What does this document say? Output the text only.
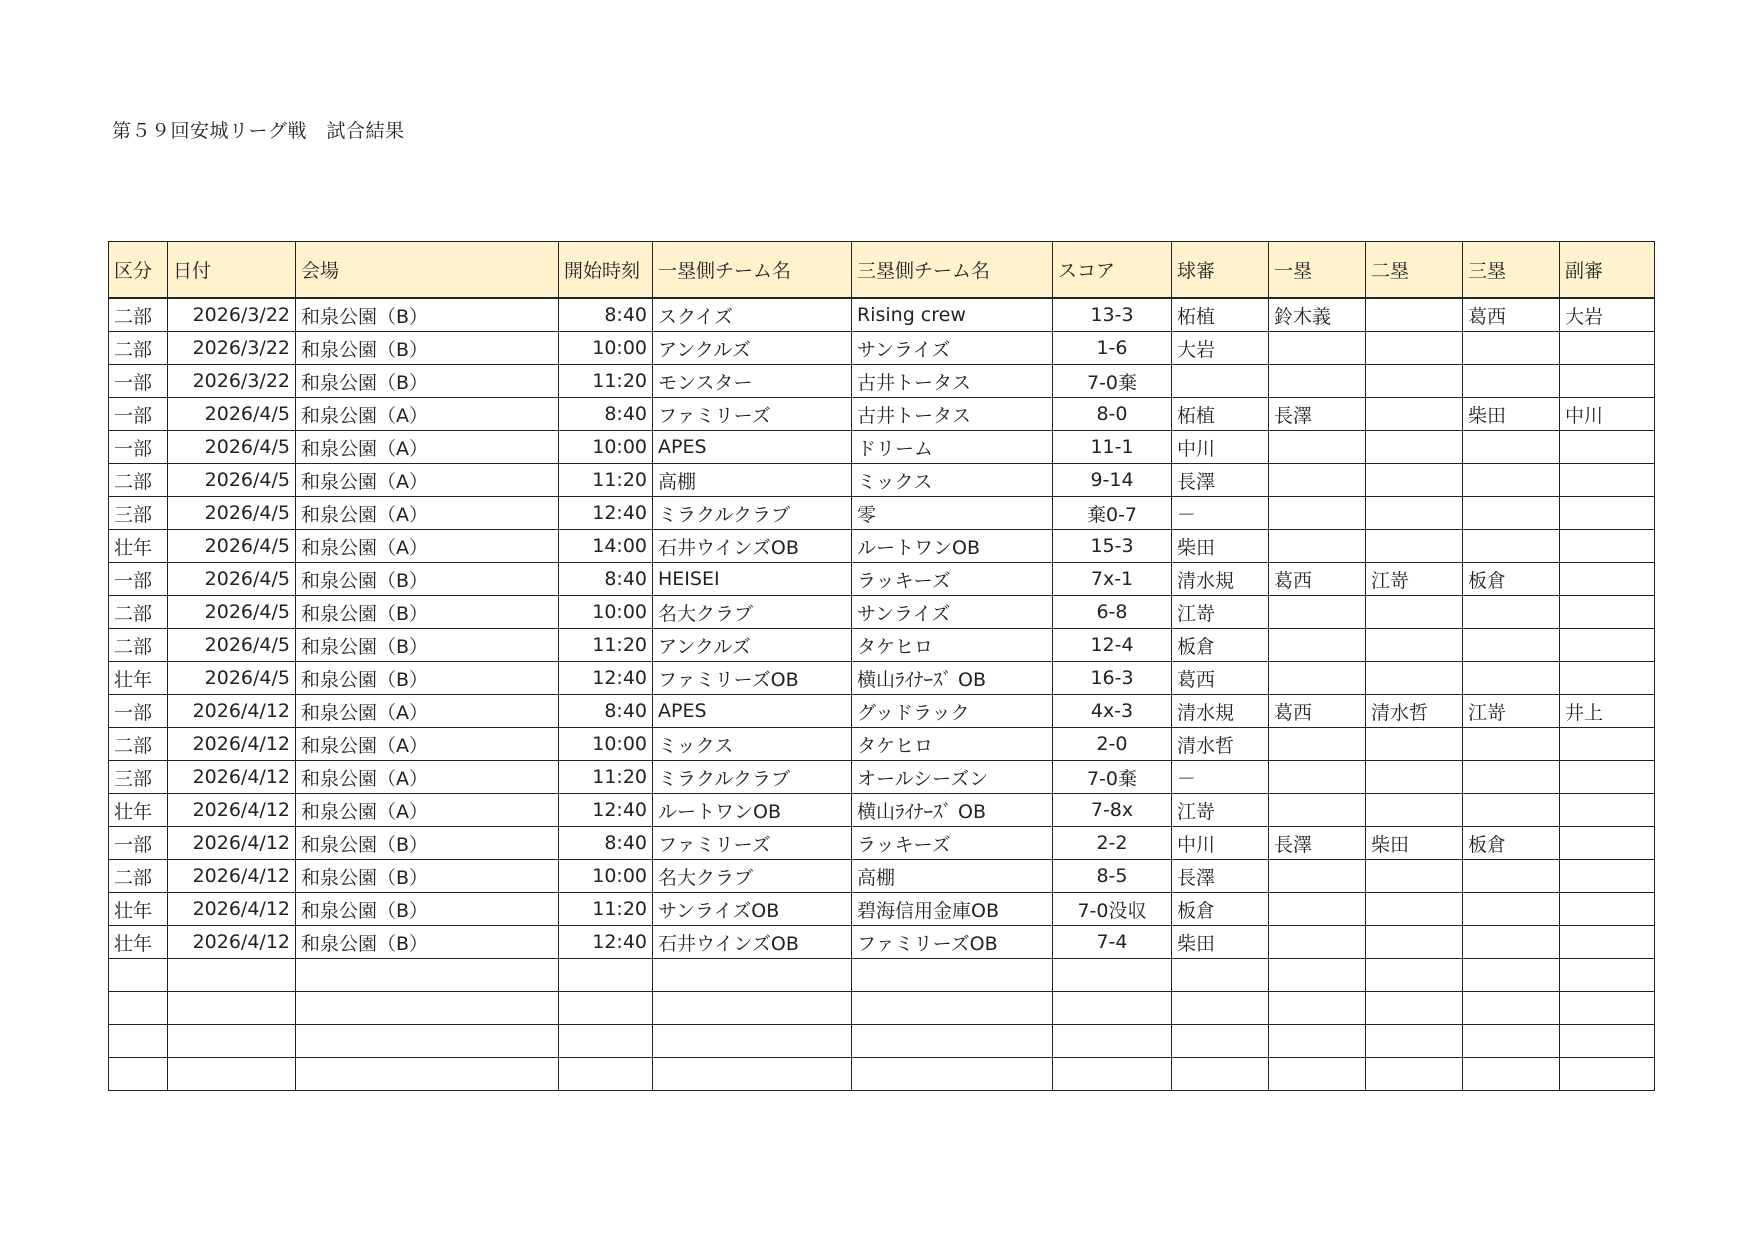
第５９回安城リーグ戦　試合結果
区分	日付	会場	開始時刻	一塁側チーム名	三塁側チーム名	スコア	球審	一塁	二塁	三塁	副審
二部	2026/3/22	和泉公園（B）	8:40	スクイズ	Rising crew	13-3	柘植	鈴木義		葛西	大岩
二部	2026/3/22	和泉公園（B）	10:00	アンクルズ	サンライズ	1-6	大岩				
一部	2026/3/22	和泉公園（B）	11:20	モンスター	古井トータス	7-0棄					
一部	2026/4/5	和泉公園（A）	8:40	ファミリーズ	古井トータス	8-0	柘植	長澤		柴田	中川
一部	2026/4/5	和泉公園（A）	10:00	APES	ドリーム	11-1	中川				
二部	2026/4/5	和泉公園（A）	11:20	高棚	ミックス	9-14	長澤				
三部	2026/4/5	和泉公園（A）	12:40	ミラクルクラブ	零	棄0-7	－				
壮年	2026/4/5	和泉公園（A）	14:00	石井ウインズOB	ルートワンOB	15-3	柴田				
一部	2026/4/5	和泉公園（B）	8:40	HEISEI	ラッキーズ	7x-1	清水規	葛西	江嵜	板倉	
二部	2026/4/5	和泉公園（B）	10:00	名大クラブ	サンライズ	6-8	江嵜				
二部	2026/4/5	和泉公園（B）	11:20	アンクルズ	タケヒロ	12-4	板倉				
壮年	2026/4/5	和泉公園（B）	12:40	ファミリーズOB	横山ﾗｲﾅｰｽﾞ OB	16-3	葛西				
一部	2026/4/12	和泉公園（A）	8:40	APES	グッドラック	4x-3	清水規	葛西	清水哲	江嵜	井上
二部	2026/4/12	和泉公園（A）	10:00	ミックス	タケヒロ	2-0	清水哲				
三部	2026/4/12	和泉公園（A）	11:20	ミラクルクラブ	オールシーズン	7-0棄	－				
壮年	2026/4/12	和泉公園（A）	12:40	ルートワンOB	横山ﾗｲﾅｰｽﾞ OB	7-8x	江嵜				
一部	2026/4/12	和泉公園（B）	8:40	ファミリーズ	ラッキーズ	2-2	中川	長澤	柴田	板倉	
二部	2026/4/12	和泉公園（B）	10:00	名大クラブ	高棚	8-5	長澤				
壮年	2026/4/12	和泉公園（B）	11:20	サンライズOB	碧海信用金庫OB	7-0没収	板倉				
壮年	2026/4/12	和泉公園（B）	12:40	石井ウインズOB	ファミリーズOB	7-4	柴田				
